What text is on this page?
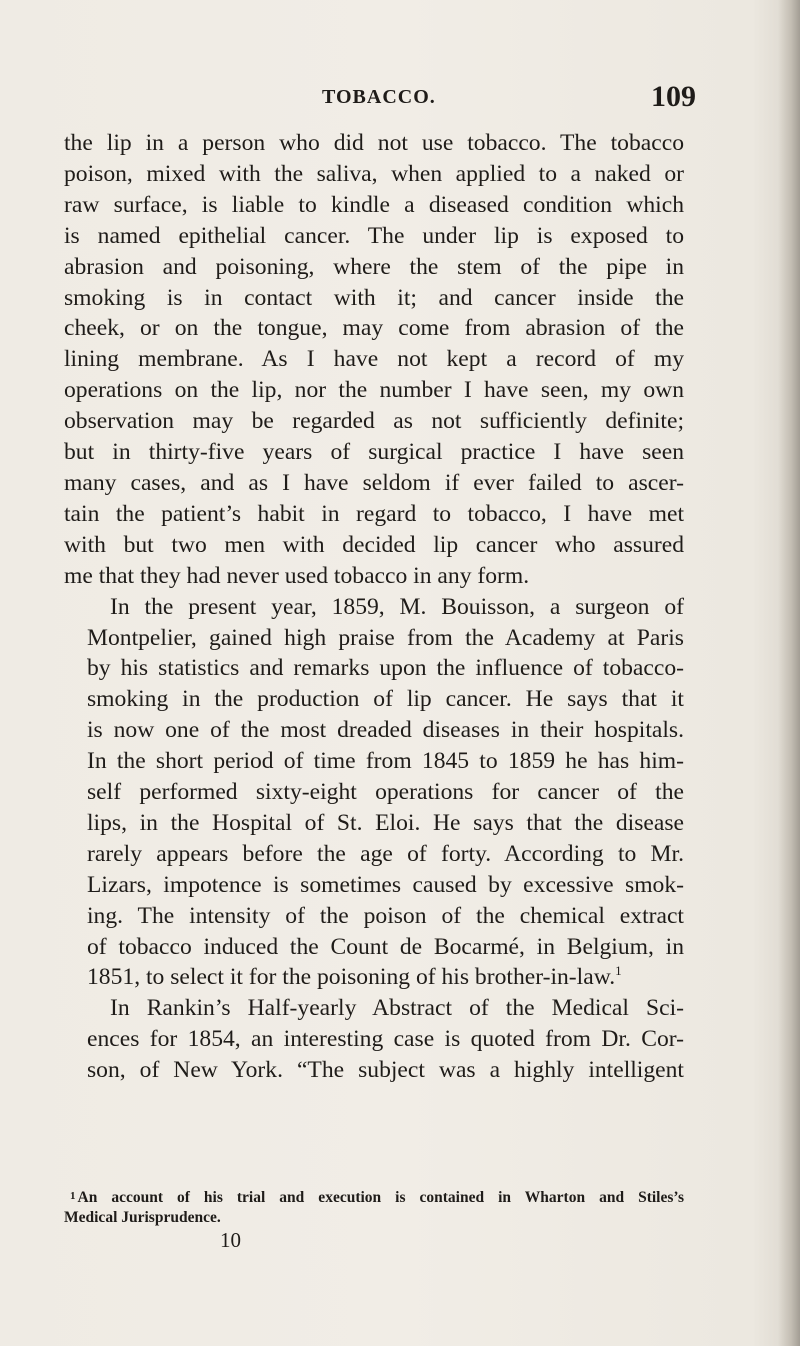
TOBACCO.	109

the lip in a person who did not use tobacco. The tobacco
poison, mixed with the saliva, when applied to a naked or
raw surface, is liable to kindle a diseased condition which
is named epithelial cancer. The under lip is exposed to
abrasion and poisoning, where the stem of the pipe in
smoking is in contact with it; and cancer inside the
cheek, or on the tongue, may come from abrasion of the
lining membrane. As I have not kept a record of my
operations on the lip, nor the number I have seen, my own
observation may be regarded as not sufficiently definite;
but in thirty-five years of surgical practice I have seen
many cases, and as I have seldom if ever failed to ascer-
tain the patient’s habit in regard to tobacco, I have met
with but two men with decided lip cancer who assured
me that they had never used tobacco in any form.

In the present year, 1859, M. Bouisson, a surgeon of
Montpelier, gained high praise from the Academy at Paris
by his statistics and remarks upon the influence of tobacco-
smoking in the production of lip cancer. He says that it
is now one of the most dreaded diseases in their hospitals.
In the short period of time from 1845 to 1859 he has him-
self performed sixty-eight operations for cancer of the
lips, in the Hospital of St. Eloi. He says that the disease
rarely appears before the age of forty. According to Mr.
Lizars, impotence is sometimes caused by excessive smok-
ing. The intensity of the poison of the chemical extract
of tobacco induced the Count de Bocarmé, in Belgium, in
1851, to select it for the poisoning of his brother-in-law.$^1$

In Rankin’s Half-yearly Abstract of the Medical Sci-
ences for 1854, an interesting case is quoted from Dr. Cor-
son, of New York. “The subject was a highly intelligent

1 An account of his trial and execution is contained in Wharton and Stiles’s
Medical Jurisprudence.
10
